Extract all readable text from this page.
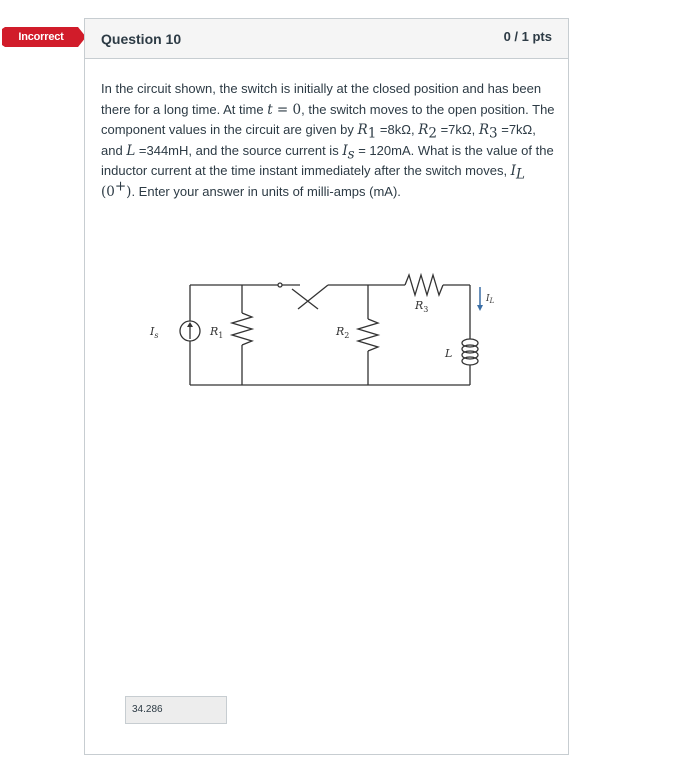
Incorrect	Question 10	0 / 1 pts
In the circuit shown, the switch is initially at the closed position and has been there for a long time. At time t = 0, the switch moves to the open position. The component values in the circuit are given by $R_1 =8k\Omega$, $R_2 =7k\Omega$, $R_3 =7k\Omega$, and L =344mH, and the source current is $I_s = 120mA$. What is the value of the inductor current at the time instant immediately after the switch moves, $I_L$ (0+). Enter your answer in units of milli-amps (mA).
$I_s$	$R_1$	$R_2$
$R_3$
L
$I_L$
34.286
